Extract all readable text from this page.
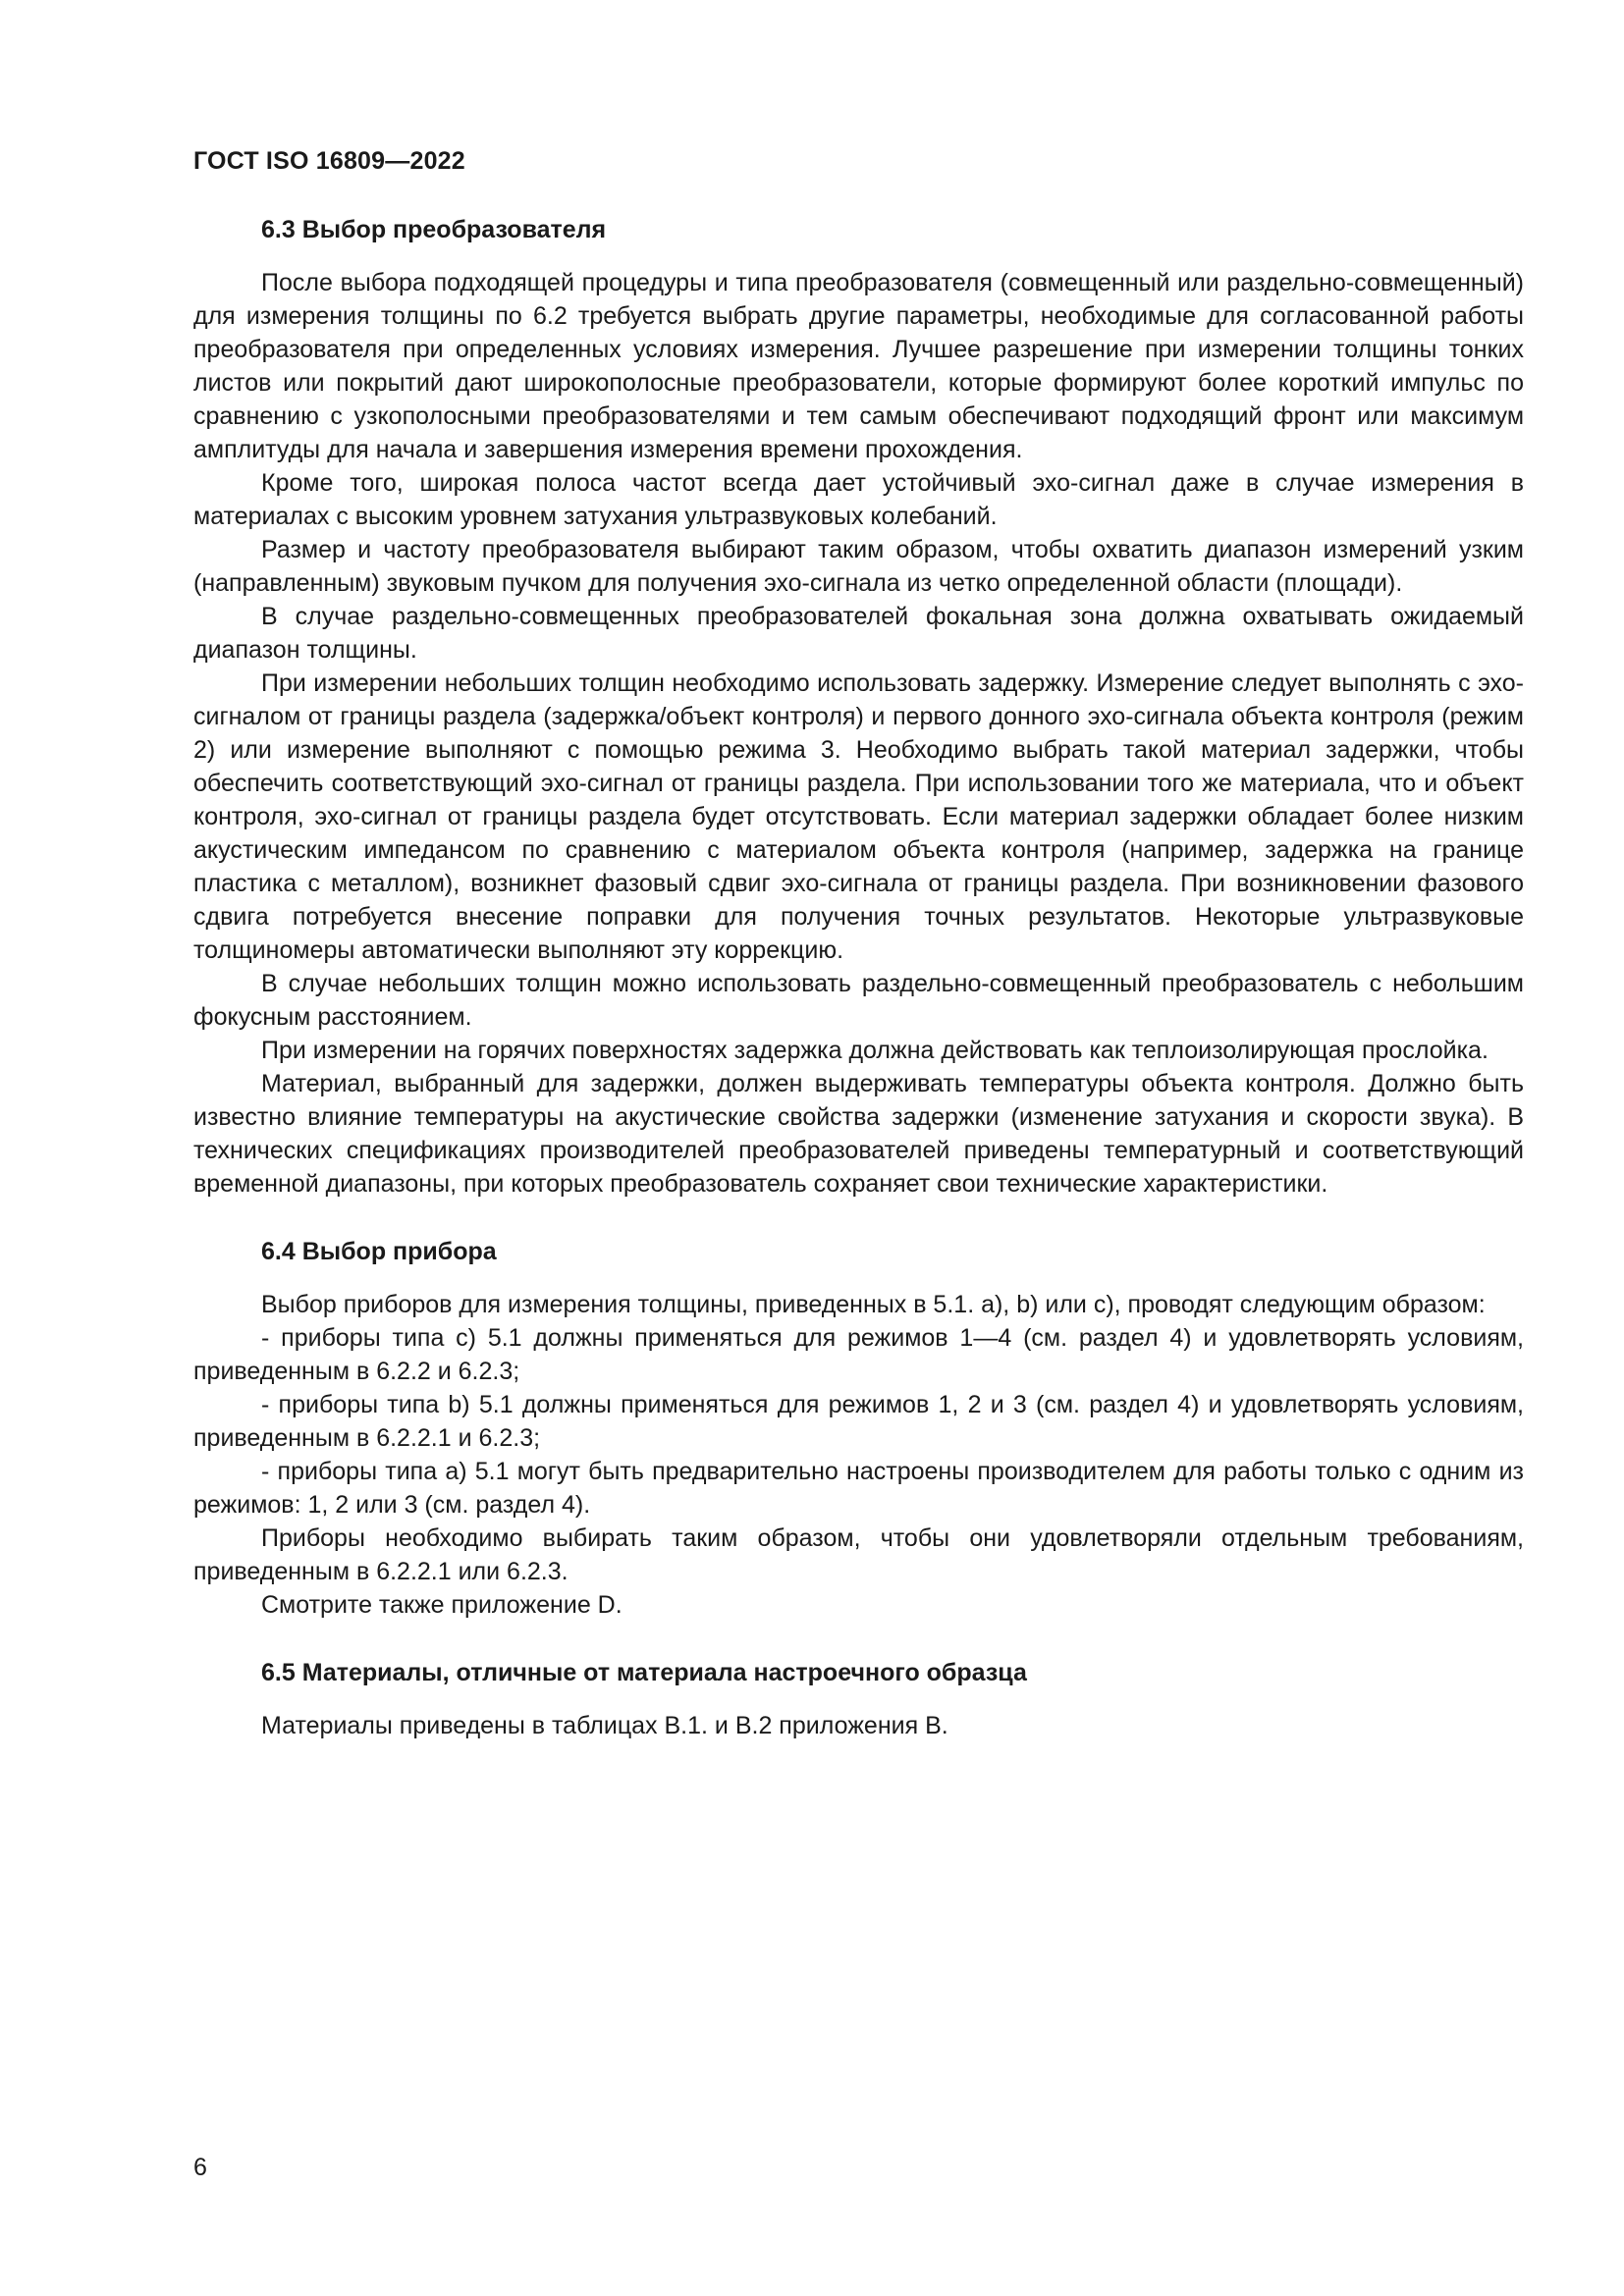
ГОСТ ISO 16809—2022

6.3 Выбор преобразователя

После выбора подходящей процедуры и типа преобразователя (совмещенный или раздельно-совмещенный) для измерения толщины по 6.2 требуется выбрать другие параметры, необходимые для согласованной работы преобразователя при определенных условиях измерения. Лучшее разрешение при измерении толщины тонких листов или покрытий дают широкополосные преобразователи, которые формируют более короткий импульс по сравнению с узкополосными преобразователями и тем самым обеспечивают подходящий фронт или максимум амплитуды для начала и завершения измерения времени прохождения.

Кроме того, широкая полоса частот всегда дает устойчивый эхо-сигнал даже в случае измерения в материалах с высоким уровнем затухания ультразвуковых колебаний.

Размер и частоту преобразователя выбирают таким образом, чтобы охватить диапазон измерений узким (направленным) звуковым пучком для получения эхо-сигнала из четко определенной области (площади).

В случае раздельно-совмещенных преобразователей фокальная зона должна охватывать ожидаемый диапазон толщины.

При измерении небольших толщин необходимо использовать задержку. Измерение следует выполнять с эхо-сигналом от границы раздела (задержка/объект контроля) и первого донного эхо-сигнала объекта контроля (режим 2) или измерение выполняют с помощью режима 3. Необходимо выбрать такой материал задержки, чтобы обеспечить соответствующий эхо-сигнал от границы раздела. При использовании того же материала, что и объект контроля, эхо-сигнал от границы раздела будет отсутствовать. Если материал задержки обладает более низким акустическим импедансом по сравнению с материалом объекта контроля (например, задержка на границе пластика с металлом), возникнет фазовый сдвиг эхо-сигнала от границы раздела. При возникновении фазового сдвига потребуется внесение поправки для получения точных результатов. Некоторые ультразвуковые толщиномеры автоматически выполняют эту коррекцию.

В случае небольших толщин можно использовать раздельно-совмещенный преобразователь с небольшим фокусным расстоянием.

При измерении на горячих поверхностях задержка должна действовать как теплоизолирующая прослойка.

Материал, выбранный для задержки, должен выдерживать температуры объекта контроля. Должно быть известно влияние температуры на акустические свойства задержки (изменение затухания и скорости звука). В технических спецификациях производителей преобразователей приведены температурный и соответствующий временной диапазоны, при которых преобразователь сохраняет свои технические характеристики.

6.4 Выбор прибора

Выбор приборов для измерения толщины, приведенных в 5.1. a), b) или c), проводят следующим образом:

- приборы типа c) 5.1 должны применяться для режимов 1—4 (см. раздел 4) и удовлетворять условиям, приведенным в 6.2.2 и 6.2.3;

- приборы типа b) 5.1 должны применяться для режимов 1, 2 и 3 (см. раздел 4) и удовлетворять условиям, приведенным в 6.2.2.1 и 6.2.3;

- приборы типа a) 5.1 могут быть предварительно настроены производителем для работы только с одним из режимов: 1, 2 или 3 (см. раздел 4).

Приборы необходимо выбирать таким образом, чтобы они удовлетворяли отдельным требованиям, приведенным в 6.2.2.1 или 6.2.3.

Смотрите также приложение D.

6.5 Материалы, отличные от материала настроечного образца

Материалы приведены в таблицах B.1. и B.2 приложения B.

6
